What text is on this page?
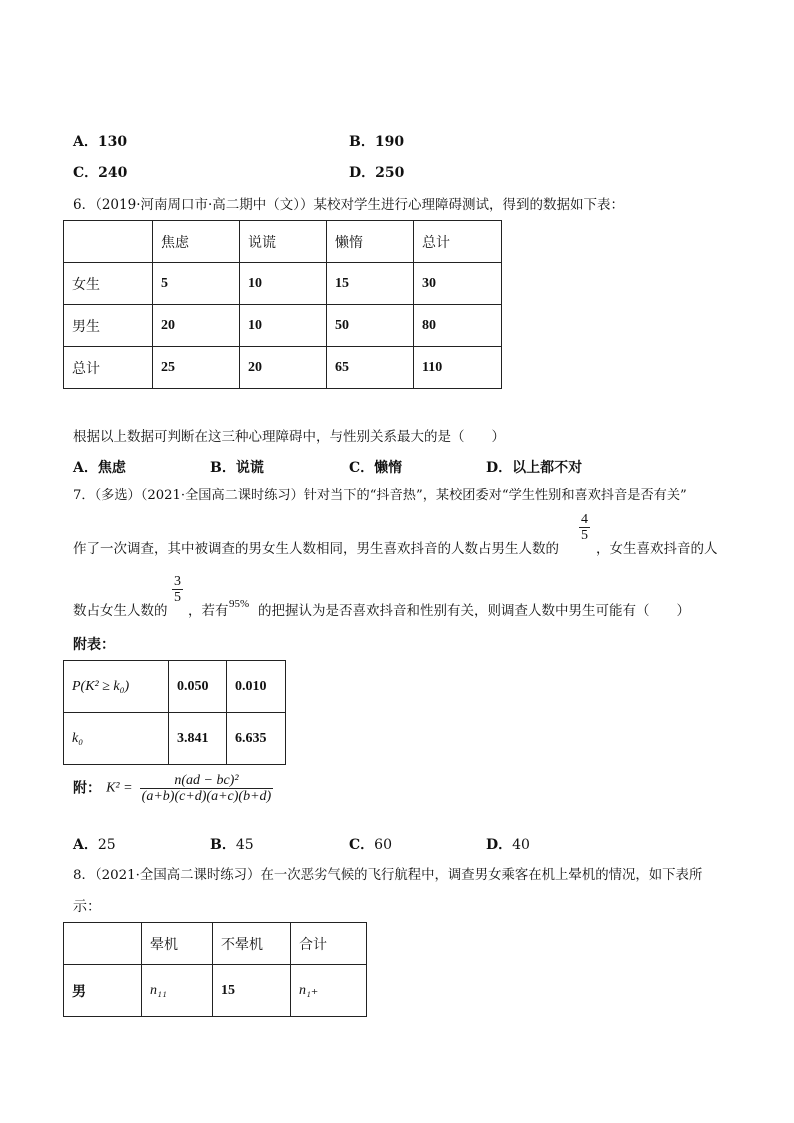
A．130	B．190
C．240	D．250
6．（2019·河南周口市·高二期中（文））某校对学生进行心理障碍测试，得到的数据如下表：
	焦虑	说谎	懒惰	总计
女生	5	10	15	30
男生	20	10	50	80
总计	25	20	65	110
根据以上数据可判断在这三种心理障碍中，与性别关系最大的是（　　）
A．焦虑	B．说谎	C．懒惰	D．以上都不对
7．（多选）（2021·全国高二课时练习）针对当下的“抖音热”，某校团委对“学生性别和喜欢抖音是否有关”
作了一次调查，其中被调查的男女生人数相同，男生喜欢抖音的人数占男生人数的
$\frac{4}{5}$
，女生喜欢抖音的人
数占女生人数的
$\frac{3}{5}$
，若有 95% 的把握认为是否喜欢抖音和性别有关，则调查人数中男生可能有（　　）
附表：
P(K² ≥ k₀)	0.050	0.010
k₀	3.841	6.635
附： $K^2 = \frac{\text{n(ad − bc)²}}{(a+b)(c+d)(a+c)(b+d)}$
A．25	B．45	C．60	D．40
8．（2021·全国高二课时练习）在一次恶劣气候的飞行航程中，调查男女乘客在机上晕机的情况，如下表所
示：
	晕机	不晕机	合计
男	n₁₁	15	n₁₊
